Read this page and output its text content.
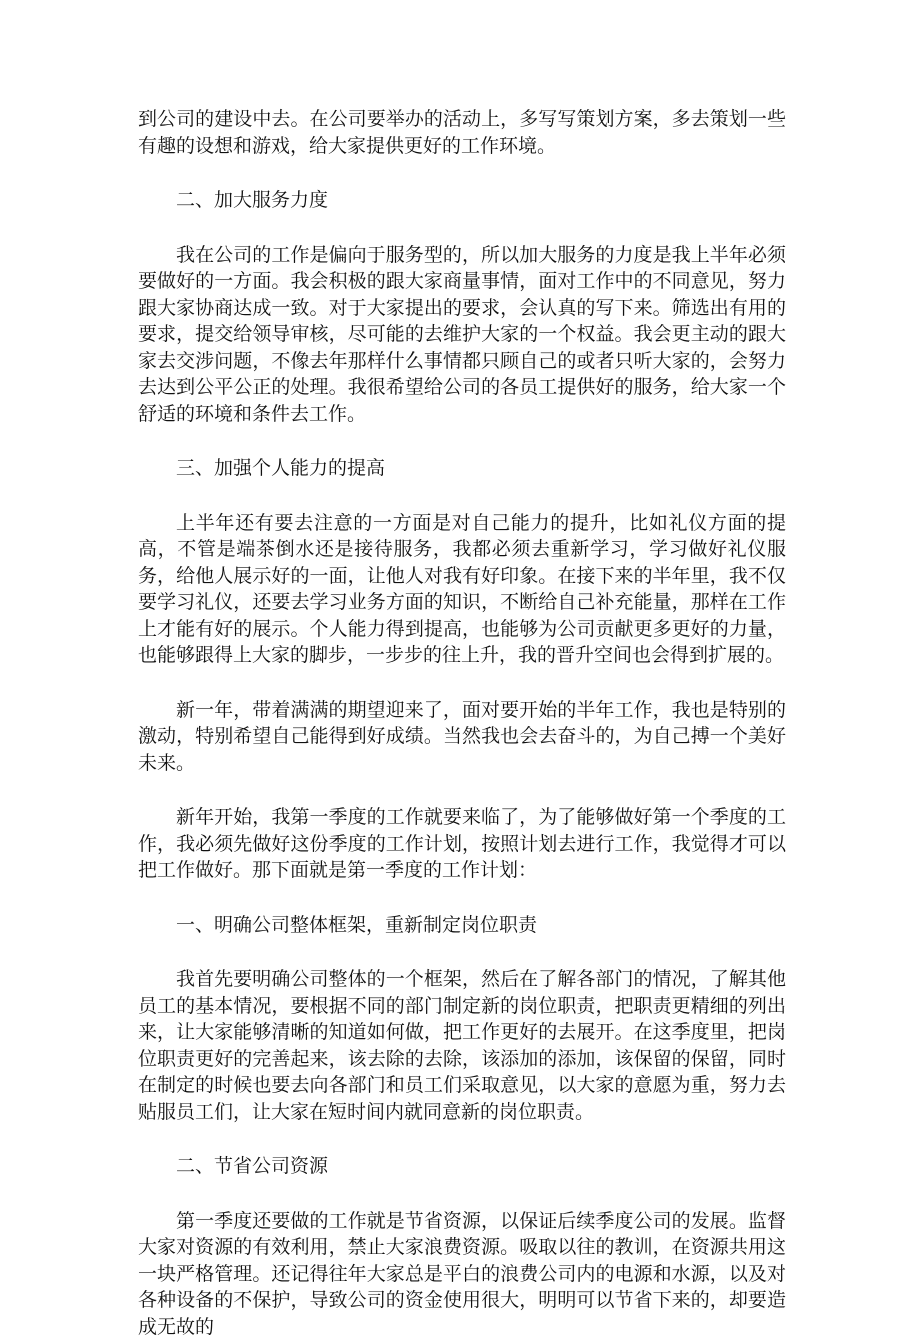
到公司的建设中去。在公司要举办的活动上，多写写策划方案，多去策划一些有趣的设想和游戏，给大家提供更好的工作环境。

二、加大服务力度

我在公司的工作是偏向于服务型的，所以加大服务的力度是我上半年必须要做好的一方面。我会积极的跟大家商量事情，面对工作中的不同意见，努力跟大家协商达成一致。对于大家提出的要求，会认真的写下来。筛选出有用的要求，提交给领导审核，尽可能的去维护大家的一个权益。我会更主动的跟大家去交涉问题，不像去年那样什么事情都只顾自己的或者只听大家的，会努力去达到公平公正的处理。我很希望给公司的各员工提供好的服务，给大家一个舒适的环境和条件去工作。

三、加强个人能力的提高

上半年还有要去注意的一方面是对自己能力的提升，比如礼仪方面的提高，不管是端茶倒水还是接待服务，我都必须去重新学习，学习做好礼仪服务，给他人展示好的一面，让他人对我有好印象。在接下来的半年里，我不仅要学习礼仪，还要去学习业务方面的知识，不断给自己补充能量，那样在工作上才能有好的展示。个人能力得到提高，也能够为公司贡献更多更好的力量，也能够跟得上大家的脚步，一步步的往上升，我的晋升空间也会得到扩展的。

新一年，带着满满的期望迎来了，面对要开始的半年工作，我也是特别的激动，特别希望自己能得到好成绩。当然我也会去奋斗的，为自己搏一个美好未来。

新年开始，我第一季度的工作就要来临了，为了能够做好第一个季度的工作，我必须先做好这份季度的工作计划，按照计划去进行工作，我觉得才可以把工作做好。那下面就是第一季度的工作计划：

一、明确公司整体框架，重新制定岗位职责

我首先要明确公司整体的一个框架，然后在了解各部门的情况，了解其他员工的基本情况，要根据不同的部门制定新的岗位职责，把职责更精细的列出来，让大家能够清晰的知道如何做，把工作更好的去展开。在这季度里，把岗位职责更好的完善起来，该去除的去除，该添加的添加，该保留的保留，同时在制定的时候也要去向各部门和员工们采取意见，以大家的意愿为重，努力去贴服员工们，让大家在短时间内就同意新的岗位职责。

二、节省公司资源

第一季度还要做的工作就是节省资源，以保证后续季度公司的发展。监督大家对资源的有效利用，禁止大家浪费资源。吸取以往的教训，在资源共用这一块严格管理。还记得往年大家总是平白的浪费公司内的电源和水源，以及对各种设备的不保护，导致公司的资金使用很大，明明可以节省下来的，却要造成无故的
